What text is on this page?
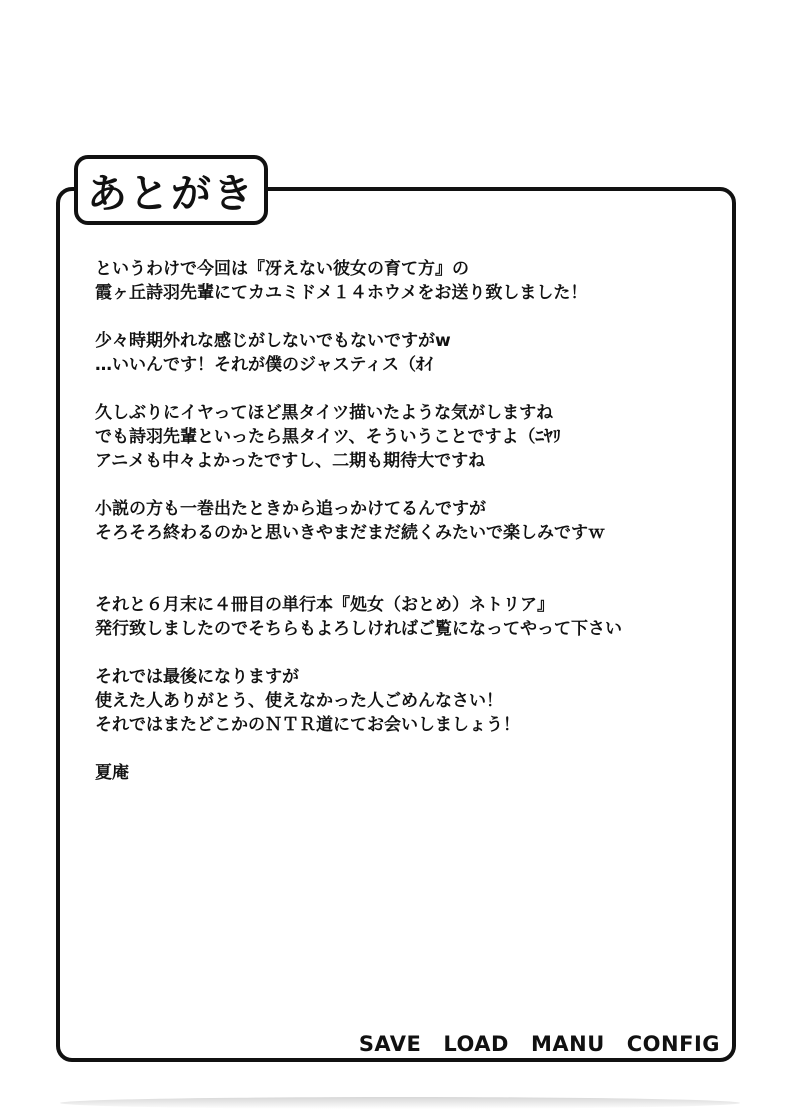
あとがき
というわけで今回は『冴えない彼女の育て方』の
霞ヶ丘詩羽先輩にてカユミドメ１４ホウメをお送り致しました！
少々時期外れな感じがしないでもないですがw
…いいんです！それが僕のジャスティス（ｵｲ
久しぶりにイヤってほど黒タイツ描いたような気がしますね
でも詩羽先輩といったら黒タイツ、そういうことですよ（ﾆﾔﾘ
アニメも中々よかったですし、二期も期待大ですね
小説の方も一巻出たときから追っかけてるんですが
そろそろ終わるのかと思いきやまだまだ続くみたいで楽しみですｗ
それと６月末に４冊目の単行本『処女（おとめ）ネトリア』
発行致しましたのでそちらもよろしければご覧になってやって下さい
それでは最後になりますが
使えた人ありがとう、使えなかった人ごめんなさい！
それではまたどこかのＮＴＲ道にてお会いしましょう！
夏庵
SAVE LOAD MANU CONFIG
